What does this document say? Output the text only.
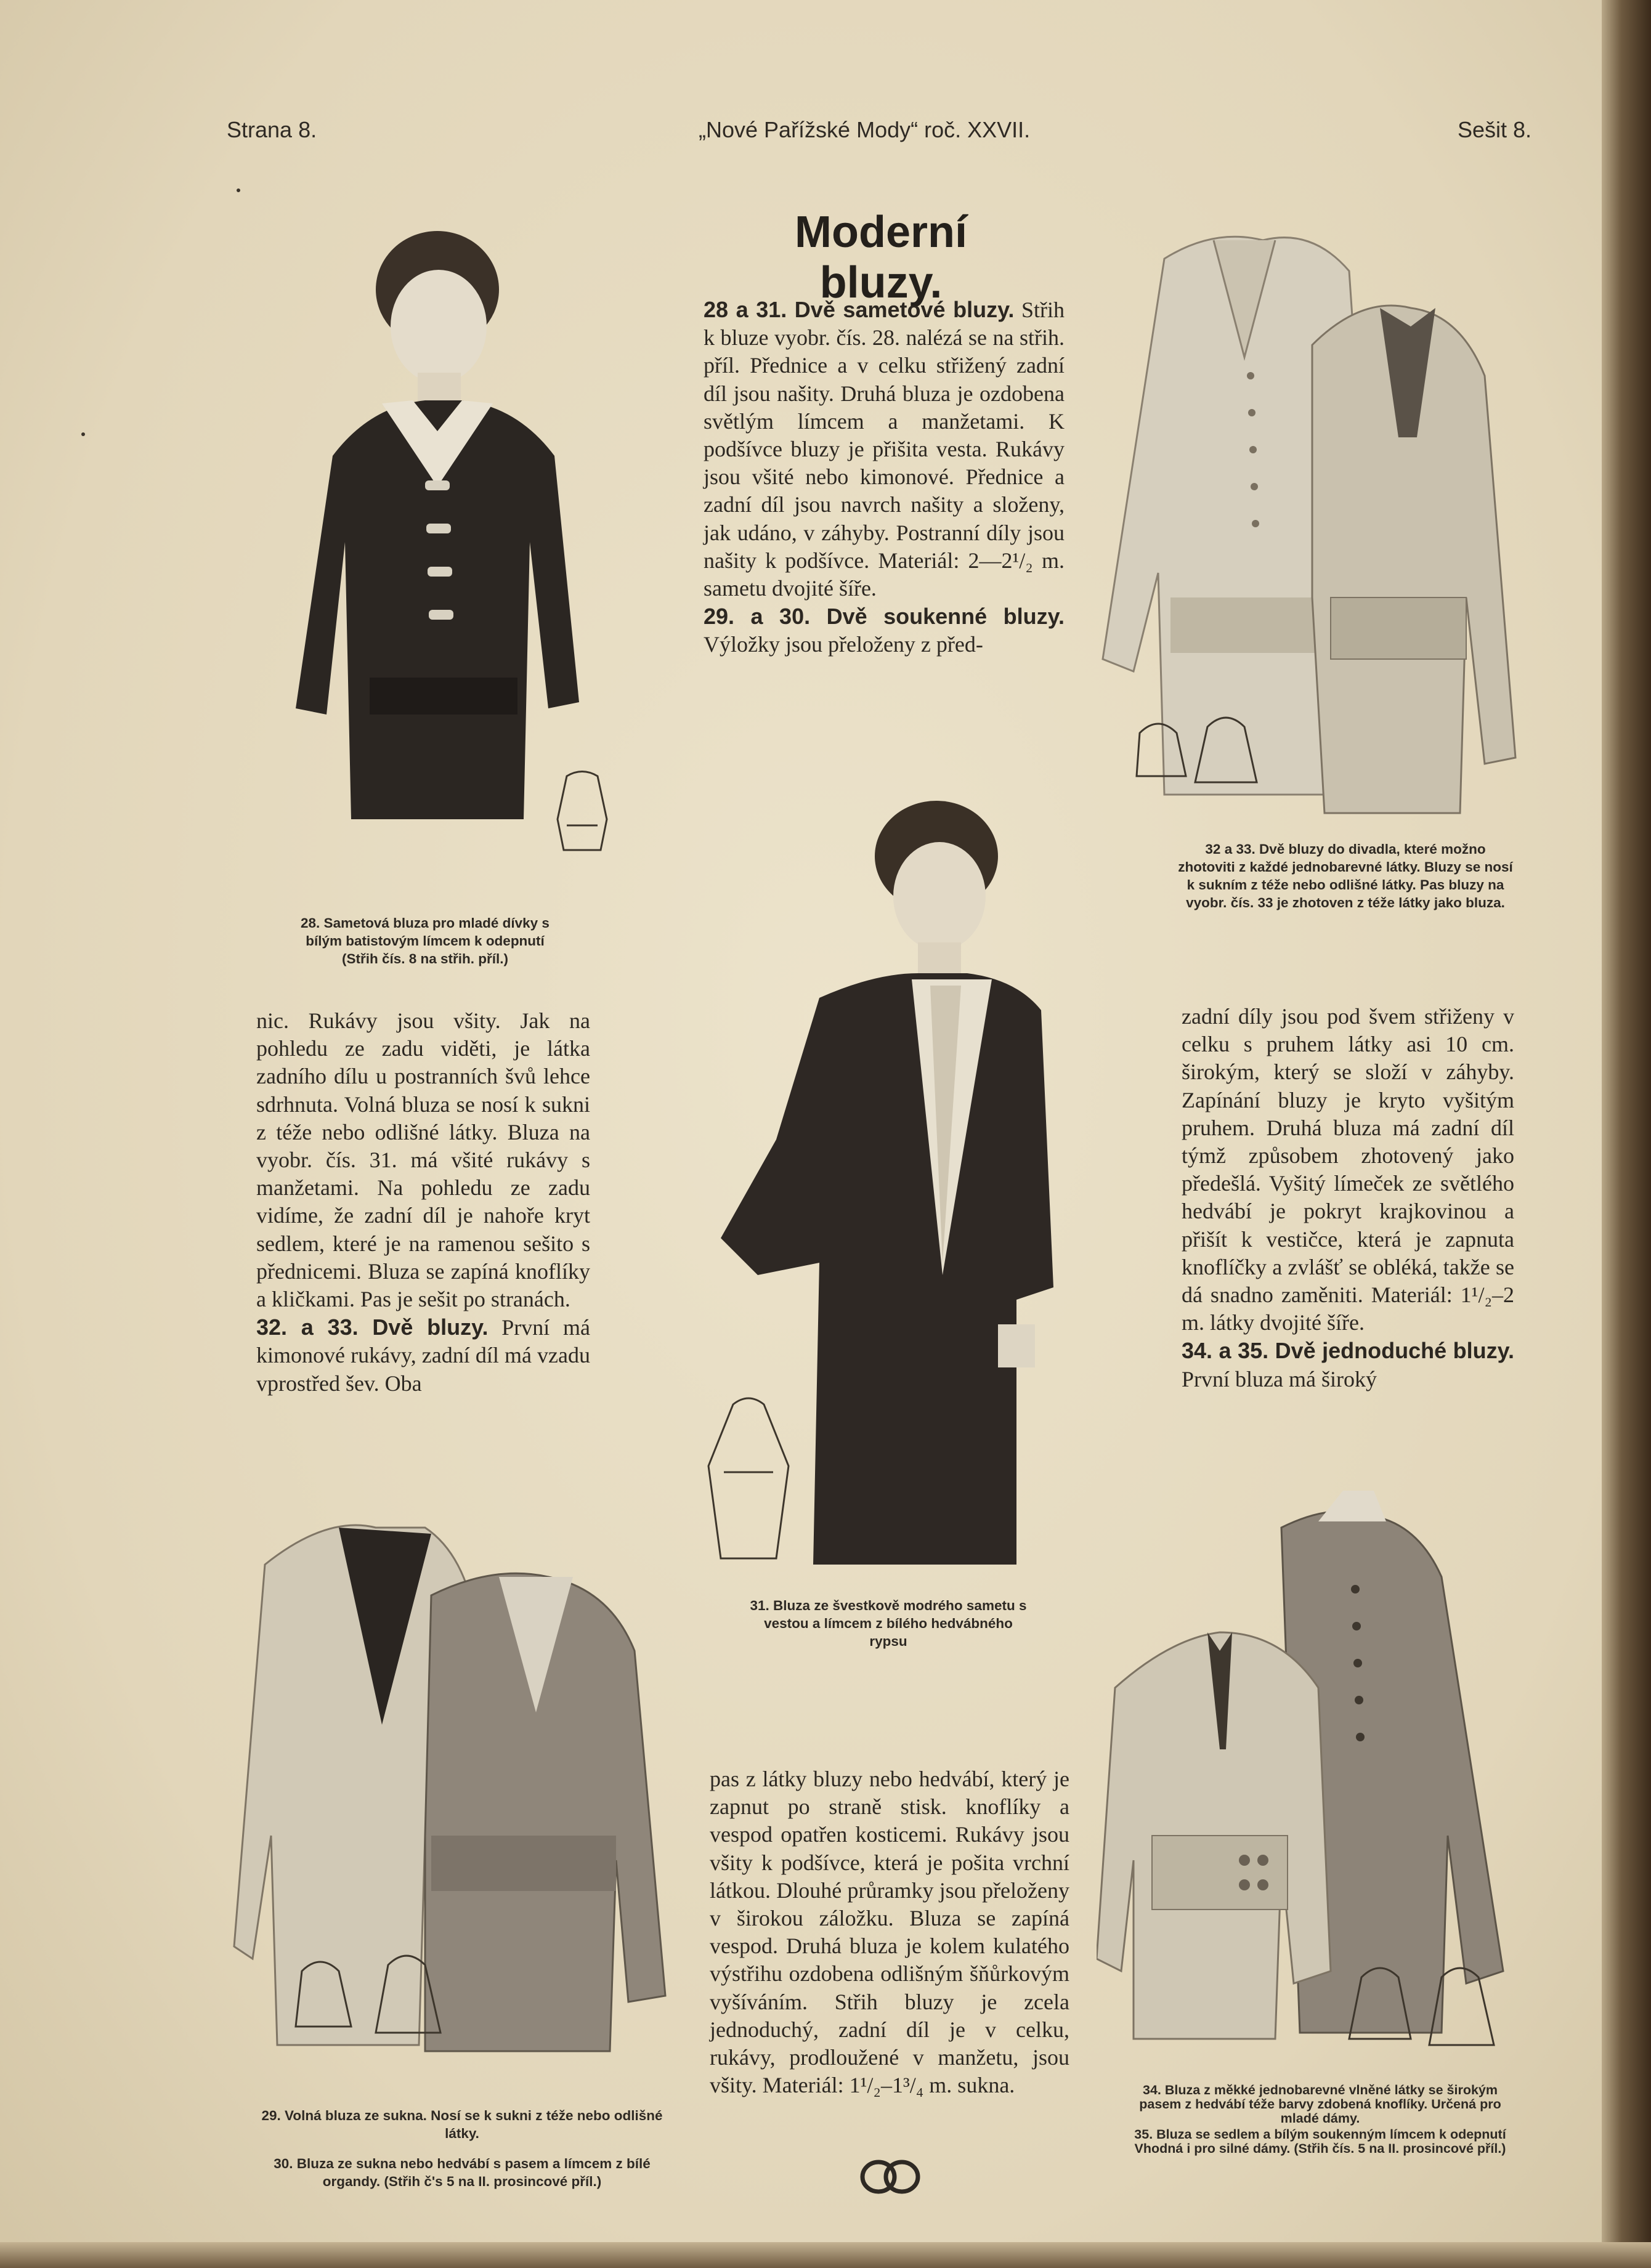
Strana 8.	„Nové Pařížské Mody“ roč. XXVII.	Sešit 8.
Moderní bluzy.
28 a 31. Dvě sametové bluzy. Střih k bluze vyobr. čís. 28. nalézá se na střih. příl. Přednice a v celku střižený zadní díl jsou našity. Druhá bluza je ozdobena světlým límcem a manžetami. K podšívce bluzy je přišita vesta. Rukávy jsou všité nebo kimonové. Přednice a zadní díl jsou navrch našity a složeny, jak udáno, v záhyby. Postranní díly jsou našity k podšívce. Materiál: 2—2¹/₂ m. sametu dvojité šíře.
29. a 30. Dvě soukenné bluzy. Výložky jsou přeloženy z před-
nic. Rukávy jsou všity. Jak na pohledu ze zadu viděti, je látka zadního dílu u postranních švů lehce sdrhnuta. Volná bluza se nosí k sukni z téže nebo odlišné látky. Bluza na vyobr. čís. 31. má všité rukávy s manžetami. Na pohledu ze zadu vidíme, že zadní díl je nahoře kryt sedlem, které je na ramenou sešito s přednicemi. Bluza se zapíná knoflíky a kličkami. Pas je sešit po stranách.
32. a 33. Dvě bluzy. První má kimonové rukávy, zadní díl má vzadu vprostřed šev. Oba
zadní díly jsou pod švem střiženy v celku s pruhem látky asi 10 cm. širokým, který se složí v záhyby. Zapínání bluzy je kryto vyšitým pruhem. Druhá bluza má zadní díl týmž způsobem zhotovený jako předešlá. Vyšitý límeček ze světlého hedvábí je pokryt krajkovinou a přišít k vestičce, která je zapnuta knoflíčky a zvlášť se obléká, takže se dá snadno zaměniti. Materiál: 1¹/₂–2 m. látky dvojité šíře.
34. a 35. Dvě jednoduché bluzy. První bluza má široký
pas z látky bluzy nebo hedvábí, který je zapnut po straně stisk. knoflíky a vespod opatřen kosticemi. Rukávy jsou všity k podšívce, která je pošita vrchní látkou. Dlouhé průramky jsou přeloženy v širokou záložku. Bluza se zapíná vespod. Druhá bluza je kolem kulatého výstřihu ozdobena odlišným šňůrkovým vyšíváním. Střih bluzy je zcela jednoduchý, zadní díl je v celku, rukávy, prodloužené v manžetu, jsou všity. Materiál: 1¹/₂–1³/₄ m. sukna.
28. Sametová bluza pro mladé dívky s bílým batistovým límcem k odepnutí (Střih čís. 8 na střih. příl.)
31. Bluza ze švestkově modrého sametu s vestou a límcem z bílého hedvábného rypsu
32 a 33. Dvě bluzy do divadla, které možno zhotoviti z každé jednobarevné látky. Bluzy se nosí k sukním z téže nebo odlišné látky. Pas bluzy na vyobr. čís. 33 je zhotoven z téže látky jako bluza.
29. Volná bluza ze sukna. Nosí se k sukni z téže nebo odlišné látky.
30. Bluza ze sukna nebo hedvábí s pasem a límcem z bílé organdy. (Střih č's 5 na II. prosincové příl.)
34. Bluza z měkké jednobarevné vlněné látky se širokým pasem z hedvábí téže barvy zdobená knoflíky. Určená pro mladé dámy.
35. Bluza se sedlem a bílým soukenným límcem k odepnutí Vhodná i pro silné dámy. (Střih čís. 5 na II. prosincové příl.)
